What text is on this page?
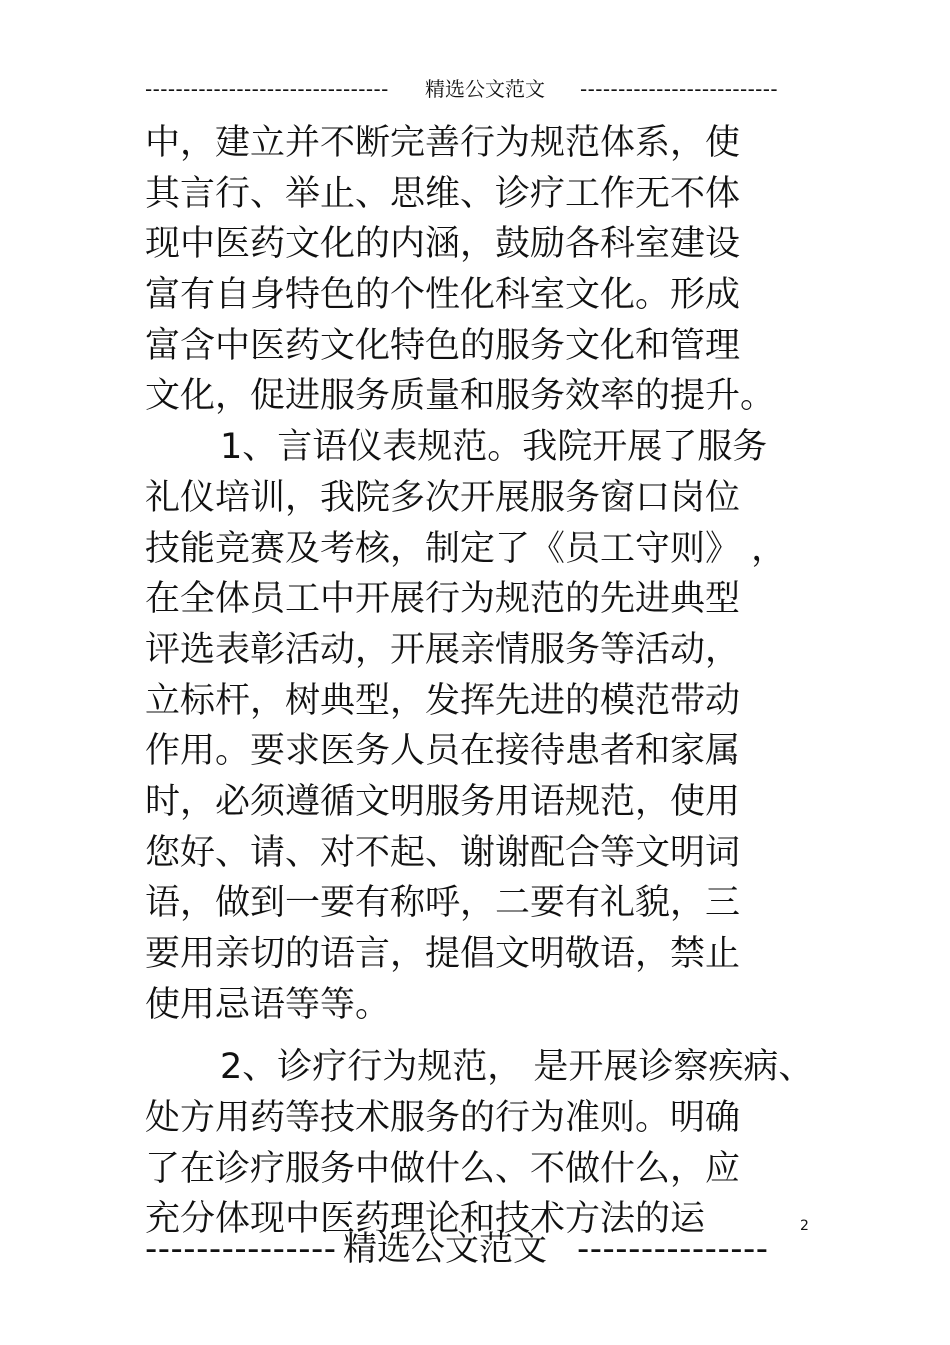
-------------------------------- 精选公文范文 --------------------------
中，建立并不断完善行为规范体系，使
其言行、举止、思维、诊疗工作无不体
现中医药文化的内涵，鼓励各科室建设
富有自身特色的个性化科室文化。形成
富含中医药文化特色的服务文化和管理
文化，促进服务质量和服务效率的提升。
1、言语仪表规范。我院开展了服务
礼仪培训，我院多次开展服务窗口岗位
技能竞赛及考核，制定了《员工守则》 ，
在全体员工中开展行为规范的先进典型
评选表彰活动，开展亲情服务等活动，
立标杆，树典型，发挥先进的模范带动
作用。要求医务人员在接待患者和家属
时，必须遵循文明服务用语规范，使用
您好、请、对不起、谢谢配合等文明词
语，做到一要有称呼，二要有礼貌，三
要用亲切的语言，提倡文明敬语，禁止
使用忌语等等。
2、诊疗行为规范， 是开展诊察疾病、
处方用药等技术服务的行为准则。明确
了在诊疗服务中做什么、不做什么，应
充分体现中医药理论和技术方法的运	2
--------------- 精选公文范文 ---------------
